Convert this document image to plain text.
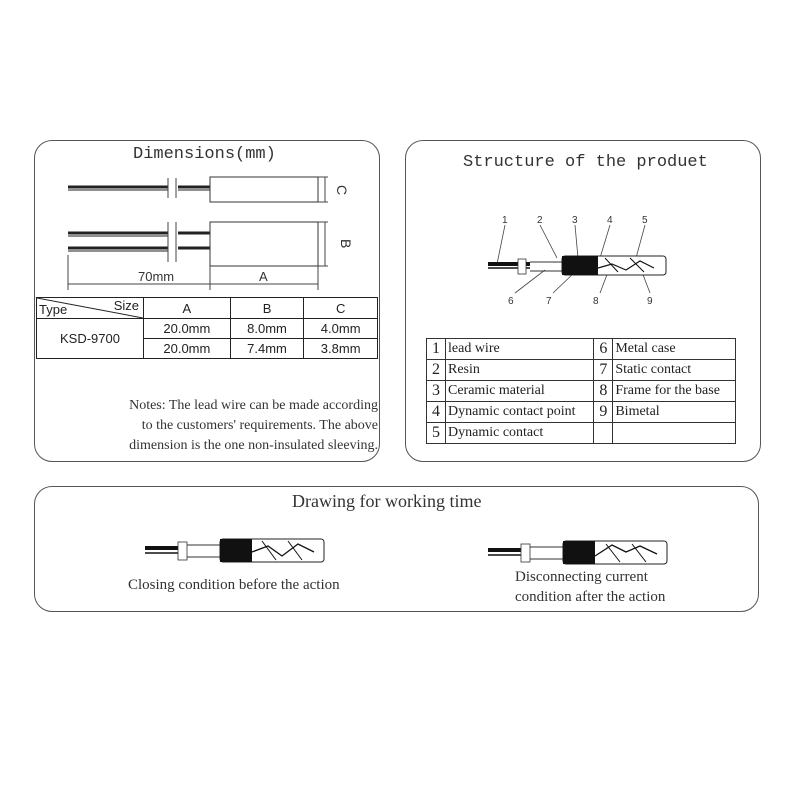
Dimensions(mm)
C
B
70mm	A
Type Size	A	B	C
KSD-9700	20.0mm	8.0mm	4.0mm
	20.0mm	7.4mm	3.8mm
Notes: The lead wire can be made according
to the customers' requirements. The above
dimension is the one non-insulated sleeving.
Structure of the produet
1	2	3	4	5
6	7	8	9
1	lead wire	6	Metal case
2	Resin	7	Static contact
3	Ceramic material	8	Frame for the base
4	Dynamic contact point	9	Bimetal
5	Dynamic contact		
Drawing for working time
Closing condition before the action	Disconnecting current
condition after the action
